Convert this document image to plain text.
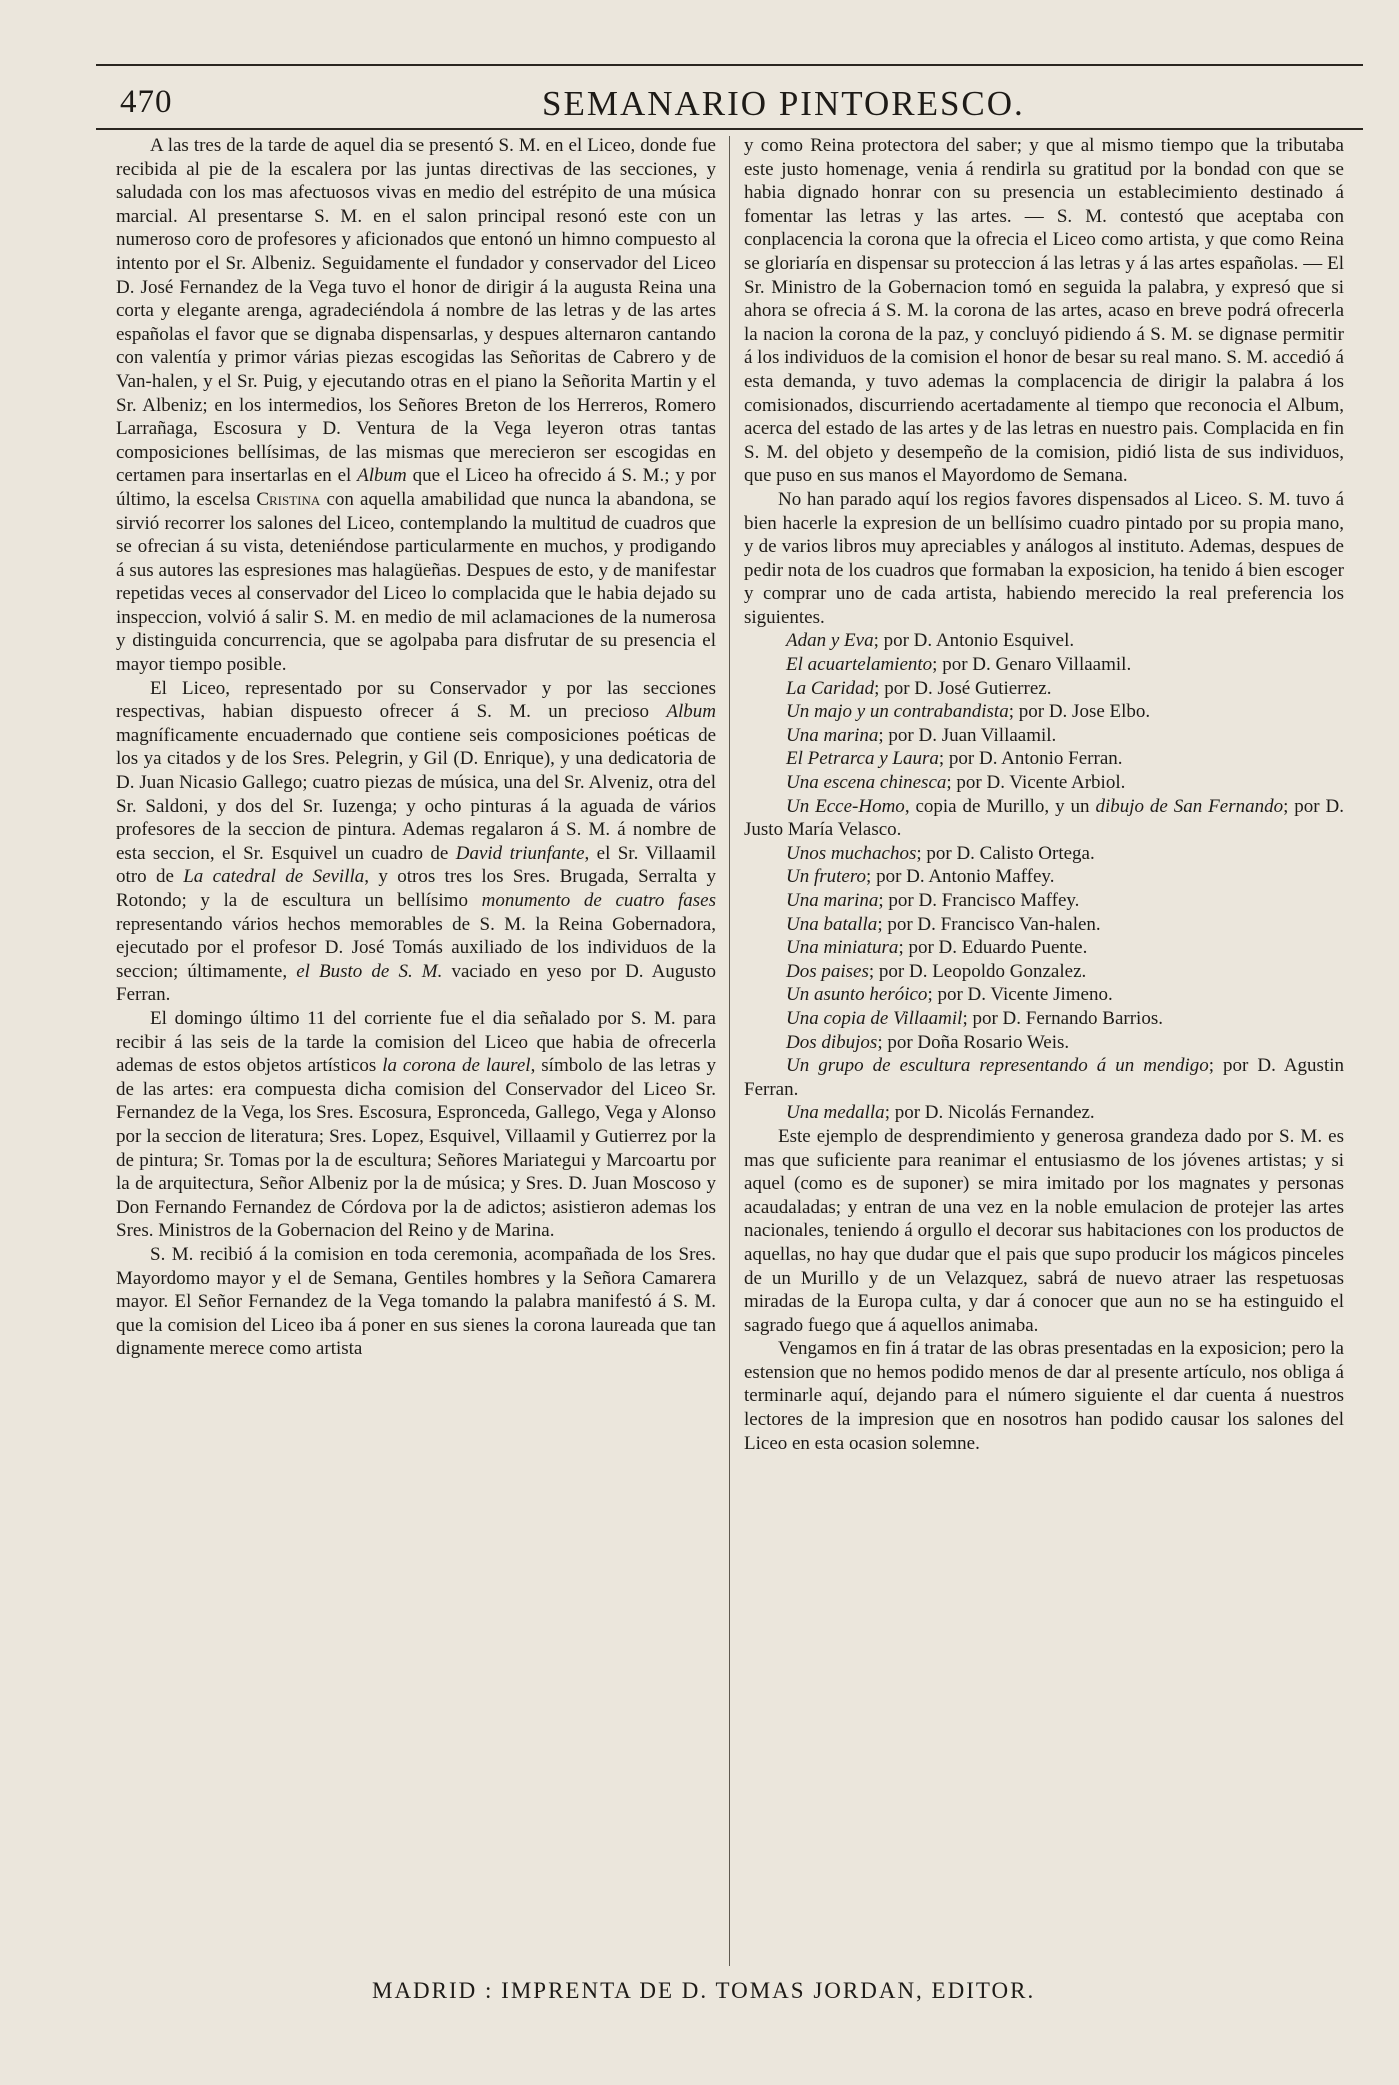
470	SEMANARIO PINTORESCO.

A las tres de la tarde de aquel dia se presentó S. M. en el Liceo, donde fue recibida al pie de la escalera por las juntas directivas de las secciones, y saludada con los mas afectuosos vivas en medio del estrépito de una música marcial. Al presentarse S. M. en el salon principal resonó este con un numeroso coro de profesores y aficionados que entonó un himno compuesto al intento por el Sr. Albeniz. Seguidamente el fundador y conservador del Liceo D. José Fernandez de la Vega tuvo el honor de dirigir á la augusta Reina una corta y elegante arenga, agradeciéndola á nombre de las letras y de las artes españolas el favor que se dignaba dispensarlas, y despues alternaron cantando con valentía y primor várias piezas escogidas las Señoritas de Cabrero y de Van-halen, y el Sr. Puig, y ejecutando otras en el piano la Señorita Martin y el Sr. Albeniz; en los intermedios, los Señores Breton de los Herreros, Romero Larrañaga, Escosura y D. Ventura de la Vega leyeron otras tantas composiciones bellísimas, de las mismas que merecieron ser escogidas en certamen para insertarlas en el Album que el Liceo ha ofrecido á S. M.; y por último, la escelsa Cristina con aquella amabilidad que nunca la abandona, se sirvió recorrer los salones del Liceo, contemplando la multitud de cuadros que se ofrecian á su vista, deteniéndose particularmente en muchos, y prodigando á sus autores las espresiones mas halagüeñas. Despues de esto, y de manifestar repetidas veces al conservador del Liceo lo complacida que le habia dejado su inspeccion, volvió á salir S. M. en medio de mil aclamaciones de la numerosa y distinguida concurrencia, que se agolpaba para disfrutar de su presencia el mayor tiempo posible.

El Liceo, representado por su Conservador y por las secciones respectivas, habian dispuesto ofrecer á S. M. un precioso Album magníficamente encuadernado que contiene seis composiciones poéticas de los ya citados y de los Sres. Pelegrin, y Gil (D. Enrique), y una dedicatoria de D. Juan Nicasio Gallego; cuatro piezas de música, una del Sr. Alveniz, otra del Sr. Saldoni, y dos del Sr. Iuzenga; y ocho pinturas á la aguada de vários profesores de la seccion de pintura. Ademas regalaron á S. M. á nombre de esta seccion, el Sr. Esquivel un cuadro de David triunfante, el Sr. Villaamil otro de La catedral de Sevilla, y otros tres los Sres. Brugada, Serralta y Rotondo; y la de escultura un bellísimo monumento de cuatro fases representando vários hechos memorables de S. M. la Reina Gobernadora, ejecutado por el profesor D. José Tomás auxiliado de los individuos de la seccion; últimamente, el Busto de S. M. vaciado en yeso por D. Augusto Ferran.

El domingo último 11 del corriente fue el dia señalado por S. M. para recibir á las seis de la tarde la comision del Liceo que habia de ofrecerla ademas de estos objetos artísticos la corona de laurel, símbolo de las letras y de las artes: era compuesta dicha comision del Conservador del Liceo Sr. Fernandez de la Vega, los Sres. Escosura, Espronceda, Gallego, Vega y Alonso por la seccion de literatura; Sres. Lopez, Esquivel, Villaamil y Gutierrez por la de pintura; Sr. Tomas por la de escultura; Señores Mariategui y Marcoartu por la de arquitectura, Señor Albeniz por la de música; y Sres. D. Juan Moscoso y Don Fernando Fernandez de Córdova por la de adictos; asistieron ademas los Sres. Ministros de la Gobernacion del Reino y de Marina.

S. M. recibió á la comision en toda ceremonia, acompañada de los Sres. Mayordomo mayor y el de Semana, Gentiles hombres y la Señora Camarera mayor. El Señor Fernandez de la Vega tomando la palabra manifestó á S. M. que la comision del Liceo iba á poner en sus sienes la corona laureada que tan dignamente merece como artista

y como Reina protectora del saber; y que al mismo tiempo que la tributaba este justo homenage, venia á rendirla su gratitud por la bondad con que se habia dignado honrar con su presencia un establecimiento destinado á fomentar las letras y las artes. — S. M. contestó que aceptaba con conplacencia la corona que la ofrecia el Liceo como artista, y que como Reina se gloriaría en dispensar su proteccion á las letras y á las artes españolas. — El Sr. Ministro de la Gobernacion tomó en seguida la palabra, y expresó que si ahora se ofrecia á S. M. la corona de las artes, acaso en breve podrá ofrecerla la nacion la corona de la paz, y concluyó pidiendo á S. M. se dignase permitir á los individuos de la comision el honor de besar su real mano. S. M. accedió á esta demanda, y tuvo ademas la complacencia de dirigir la palabra á los comisionados, discurriendo acertadamente al tiempo que reconocia el Album, acerca del estado de las artes y de las letras en nuestro pais. Complacida en fin S. M. del objeto y desempeño de la comision, pidió lista de sus individuos, que puso en sus manos el Mayordomo de Semana.

No han parado aquí los regios favores dispensados al Liceo. S. M. tuvo á bien hacerle la expresion de un bellísimo cuadro pintado por su propia mano, y de varios libros muy apreciables y análogos al instituto. Ademas, despues de pedir nota de los cuadros que formaban la exposicion, ha tenido á bien escoger y comprar uno de cada artista, habiendo merecido la real preferencia los siguientes.

Adan y Eva; por D. Antonio Esquivel.
El acuartelamiento; por D. Genaro Villaamil.
La Caridad; por D. José Gutierrez.
Un majo y un contrabandista; por D. Jose Elbo.
Una marina; por D. Juan Villaamil.
El Petrarca y Laura; por D. Antonio Ferran.
Una escena chinesca; por D. Vicente Arbiol.
Un Ecce-Homo, copia de Murillo, y un dibujo de San Fernando; por D. Justo María Velasco.
Unos muchachos; por D. Calisto Ortega.
Un frutero; por D. Antonio Maffey.
Una marina; por D. Francisco Maffey.
Una batalla; por D. Francisco Van-halen.
Una miniatura; por D. Eduardo Puente.
Dos paises; por D. Leopoldo Gonzalez.
Un asunto heróico; por D. Vicente Jimeno.
Una copia de Villaamil; por D. Fernando Barrios.
Dos dibujos; por Doña Rosario Weis.
Un grupo de escultura representando á un mendigo; por D. Agustin Ferran.
Una medalla; por D. Nicolás Fernandez.

Este ejemplo de desprendimiento y generosa grandeza dado por S. M. es mas que suficiente para reanimar el entusiasmo de los jóvenes artistas; y si aquel (como es de suponer) se mira imitado por los magnates y personas acaudaladas; y entran de una vez en la noble emulacion de protejer las artes nacionales, teniendo á orgullo el decorar sus habitaciones con los productos de aquellas, no hay que dudar que el pais que supo producir los mágicos pinceles de un Murillo y de un Velazquez, sabrá de nuevo atraer las respetuosas miradas de la Europa culta, y dar á conocer que aun no se ha estinguido el sagrado fuego que á aquellos animaba.

Vengamos en fin á tratar de las obras presentadas en la exposicion; pero la estension que no hemos podido menos de dar al presente artículo, nos obliga á terminarle aquí, dejando para el número siguiente el dar cuenta á nuestros lectores de la impresion que en nosotros han podido causar los salones del Liceo en esta ocasion solemne.

MADRID : IMPRENTA DE D. TOMAS JORDAN, EDITOR.
